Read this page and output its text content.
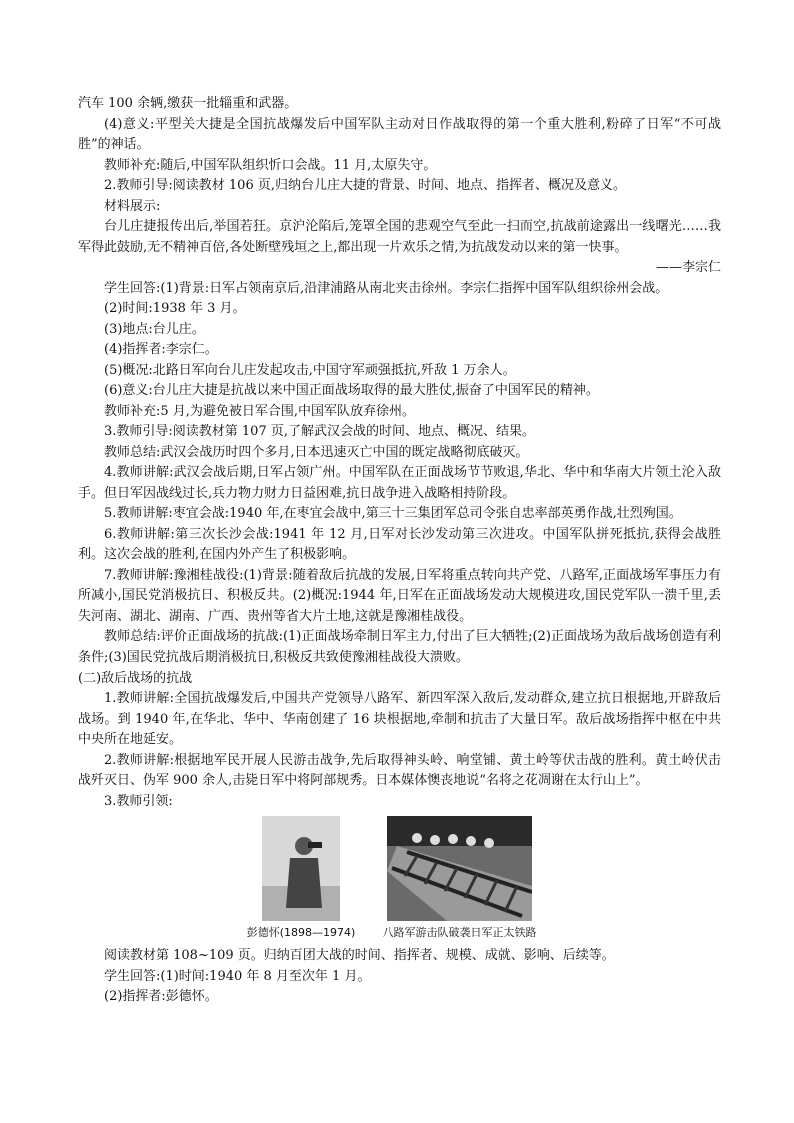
汽车 100 余辆,缴获一批辎重和武器。

(4)意义:平型关大捷是全国抗战爆发后中国军队主动对日作战取得的第一个重大胜利,粉碎了日军“不可战胜”的神话。

教师补充:随后,中国军队组织忻口会战。11 月,太原失守。

2.教师引导:阅读教材 106 页,归纳台儿庄大捷的背景、时间、地点、指挥者、概况及意义。

材料展示:

台儿庄捷报传出后,举国若狂。京沪沦陷后,笼罩全国的悲观空气至此一扫而空,抗战前途露出一线曙光……我军得此鼓励,无不精神百倍,各处断壁残垣之上,都出现一片欢乐之情,为抗战发动以来的第一快事。

——李宗仁

学生回答:(1)背景:日军占领南京后,沿津浦路从南北夹击徐州。李宗仁指挥中国军队组织徐州会战。

(2)时间:1938 年 3 月。

(3)地点:台儿庄。

(4)指挥者:李宗仁。

(5)概况:北路日军向台儿庄发起攻击,中国守军顽强抵抗,歼敌 1 万余人。

(6)意义:台儿庄大捷是抗战以来中国正面战场取得的最大胜仗,振奋了中国军民的精神。

教师补充:5 月,为避免被日军合围,中国军队放弃徐州。

3.教师引导:阅读教材第 107 页,了解武汉会战的时间、地点、概况、结果。

教师总结:武汉会战历时四个多月,日本迅速灭亡中国的既定战略彻底破灭。

4.教师讲解:武汉会战后期,日军占领广州。中国军队在正面战场节节败退,华北、华中和华南大片领土沦入敌手。但日军因战线过长,兵力物力财力日益困难,抗日战争进入战略相持阶段。

5.教师讲解:枣宜会战:1940 年,在枣宜会战中,第三十三集团军总司令张自忠率部英勇作战,壮烈殉国。

6.教师讲解:第三次长沙会战:1941 年 12 月,日军对长沙发动第三次进攻。中国军队拼死抵抗,获得会战胜利。这次会战的胜利,在国内外产生了积极影响。

7.教师讲解:豫湘桂战役:(1)背景:随着敌后抗战的发展,日军将重点转向共产党、八路军,正面战场军事压力有所减小,国民党消极抗日、积极反共。(2)概况:1944 年,日军在正面战场发动大规模进攻,国民党军队一溃千里,丢失河南、湖北、湖南、广西、贵州等省大片土地,这就是豫湘桂战役。

教师总结:评价正面战场的抗战:(1)正面战场牵制日军主力,付出了巨大牺牲;(2)正面战场为敌后战场创造有利条件;(3)国民党抗战后期消极抗日,积极反共致使豫湘桂战役大溃败。

(二)敌后战场的抗战

1.教师讲解:全国抗战爆发后,中国共产党领导八路军、新四军深入敌后,发动群众,建立抗日根据地,开辟敌后战场。到 1940 年,在华北、华中、华南创建了 16 块根据地,牵制和抗击了大量日军。敌后战场指挥中枢在中共中央所在地延安。

2.教师讲解:根据地军民开展人民游击战争,先后取得神头岭、响堂铺、黄土岭等伏击战的胜利。黄土岭伏击战歼灭日、伪军 900 余人,击毙日军中将阿部规秀。日本媒体懊丧地说“名将之花凋谢在太行山上”。

3.教师引领:

彭德怀(1898—1974)	八路军游击队破袭日军正太铁路

阅读教材第 108~109 页。归纳百团大战的时间、指挥者、规模、成就、影响、后续等。

学生回答:(1)时间:1940 年 8 月至次年 1 月。

(2)指挥者:彭德怀。
